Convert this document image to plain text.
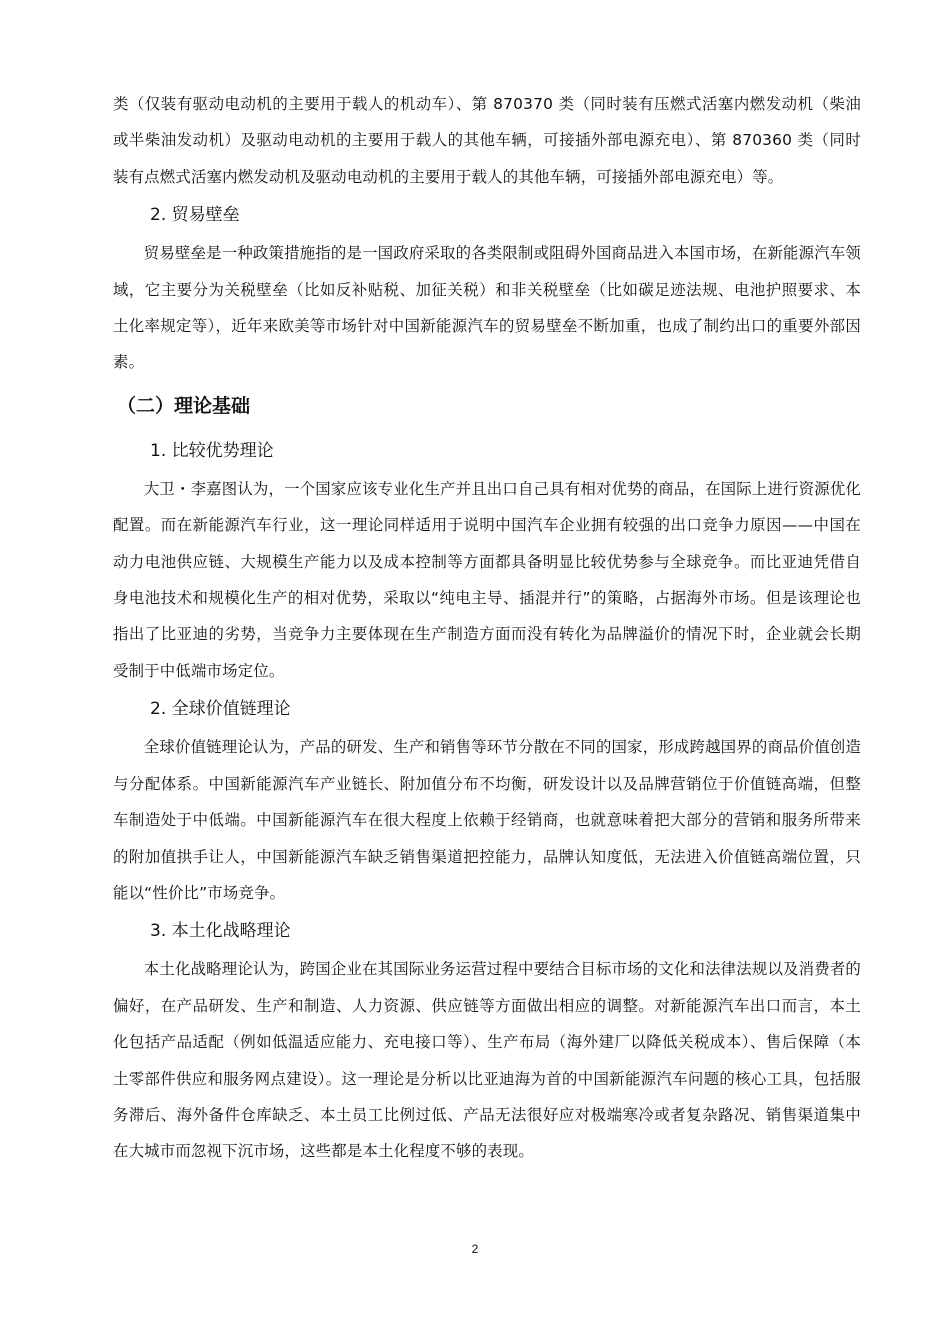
类（仅装有驱动电动机的主要用于载人的机动车）、第 870370 类（同时装有压燃式活塞内燃发动机（柴油或半柴油发动机）及驱动电动机的主要用于载人的其他车辆，可接插外部电源充电）、第 870360 类（同时装有点燃式活塞内燃发动机及驱动电动机的主要用于载人的其他车辆，可接插外部电源充电）等。

2. 贸易壁垒

贸易壁垒是一种政策措施指的是一国政府采取的各类限制或阻碍外国商品进入本国市场，在新能源汽车领域，它主要分为关税壁垒（比如反补贴税、加征关税）和非关税壁垒（比如碳足迹法规、电池护照要求、本土化率规定等），近年来欧美等市场针对中国新能源汽车的贸易壁垒不断加重，也成了制约出口的重要外部因素。

（二）理论基础
1. 比较优势理论

大卫・李嘉图认为，一个国家应该专业化生产并且出口自己具有相对优势的商品，在国际上进行资源优化配置。而在新能源汽车行业，这一理论同样适用于说明中国汽车企业拥有较强的出口竞争力原因——中国在动力电池供应链、大规模生产能力以及成本控制等方面都具备明显比较优势参与全球竞争。而比亚迪凭借自身电池技术和规模化生产的相对优势，采取以“纯电主导、插混并行”的策略，占据海外市场。但是该理论也指出了比亚迪的劣势，当竞争力主要体现在生产制造方面而没有转化为品牌溢价的情况下时，企业就会长期受制于中低端市场定位。

2. 全球价值链理论

全球价值链理论认为，产品的研发、生产和销售等环节分散在不同的国家，形成跨越国界的商品价值创造与分配体系。中国新能源汽车产业链长、附加值分布不均衡，研发设计以及品牌营销位于价值链高端，但整车制造处于中低端。中国新能源汽车在很大程度上依赖于经销商，也就意味着把大部分的营销和服务所带来的附加值拱手让人，中国新能源汽车缺乏销售渠道把控能力，品牌认知度低，无法进入价值链高端位置，只能以“性价比”市场竞争。

3. 本土化战略理论

本土化战略理论认为，跨国企业在其国际业务运营过程中要结合目标市场的文化和法律法规以及消费者的偏好，在产品研发、生产和制造、人力资源、供应链等方面做出相应的调整。对新能源汽车出口而言，本土化包括产品适配（例如低温适应能力、充电接口等）、生产布局（海外建厂以降低关税成本）、售后保障（本土零部件供应和服务网点建设）。这一理论是分析以比亚迪海为首的中国新能源汽车问题的核心工具，包括服务滞后、海外备件仓库缺乏、本土员工比例过低、产品无法很好应对极端寒冷或者复杂路况、销售渠道集中在大城市而忽视下沉市场，这些都是本土化程度不够的表现。

2
